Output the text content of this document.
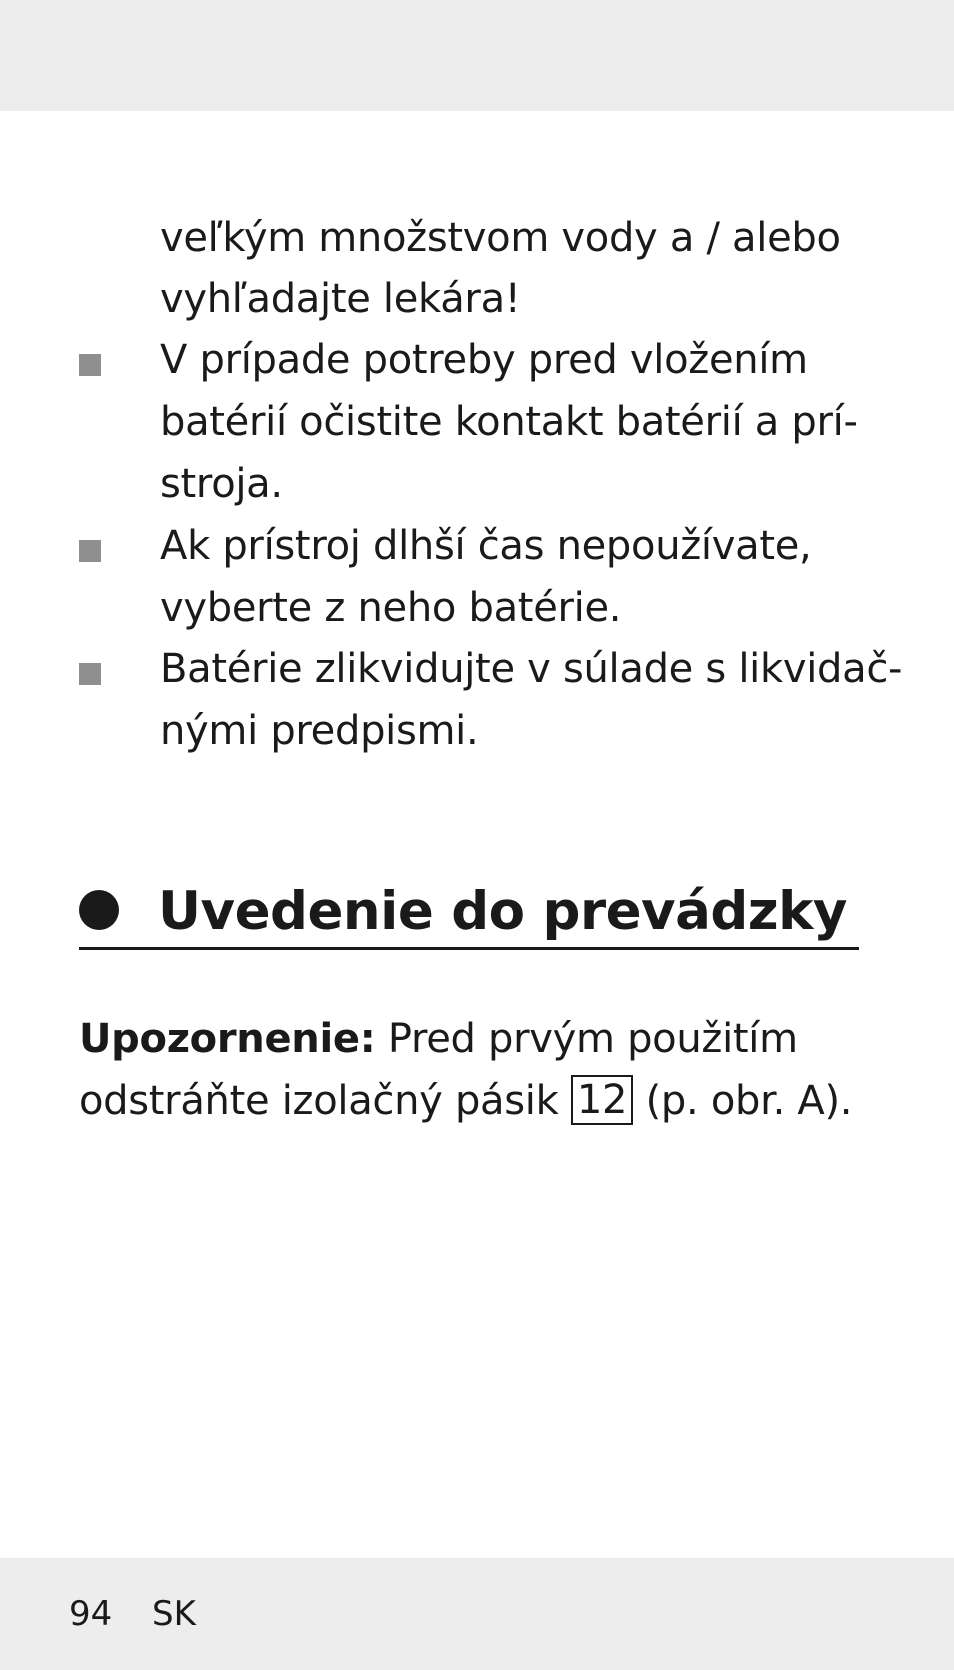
veľkým množstvom vody a / alebo
vyhľadajte lekára!
V prípade potreby pred vložením
batérií očistite kontakt batérií a prí-
stroja.
Ak prístroj dlhší čas nepoužívate,
vyberte z neho batérie.
Batérie zlikvidujte v súlade s likvidač-
nými predpismi.
Uvedenie do prevádzky
Upozornenie: Pred prvým použitím
odstráňte izolačný pásik 12 (p. obr. A).
94 SK
